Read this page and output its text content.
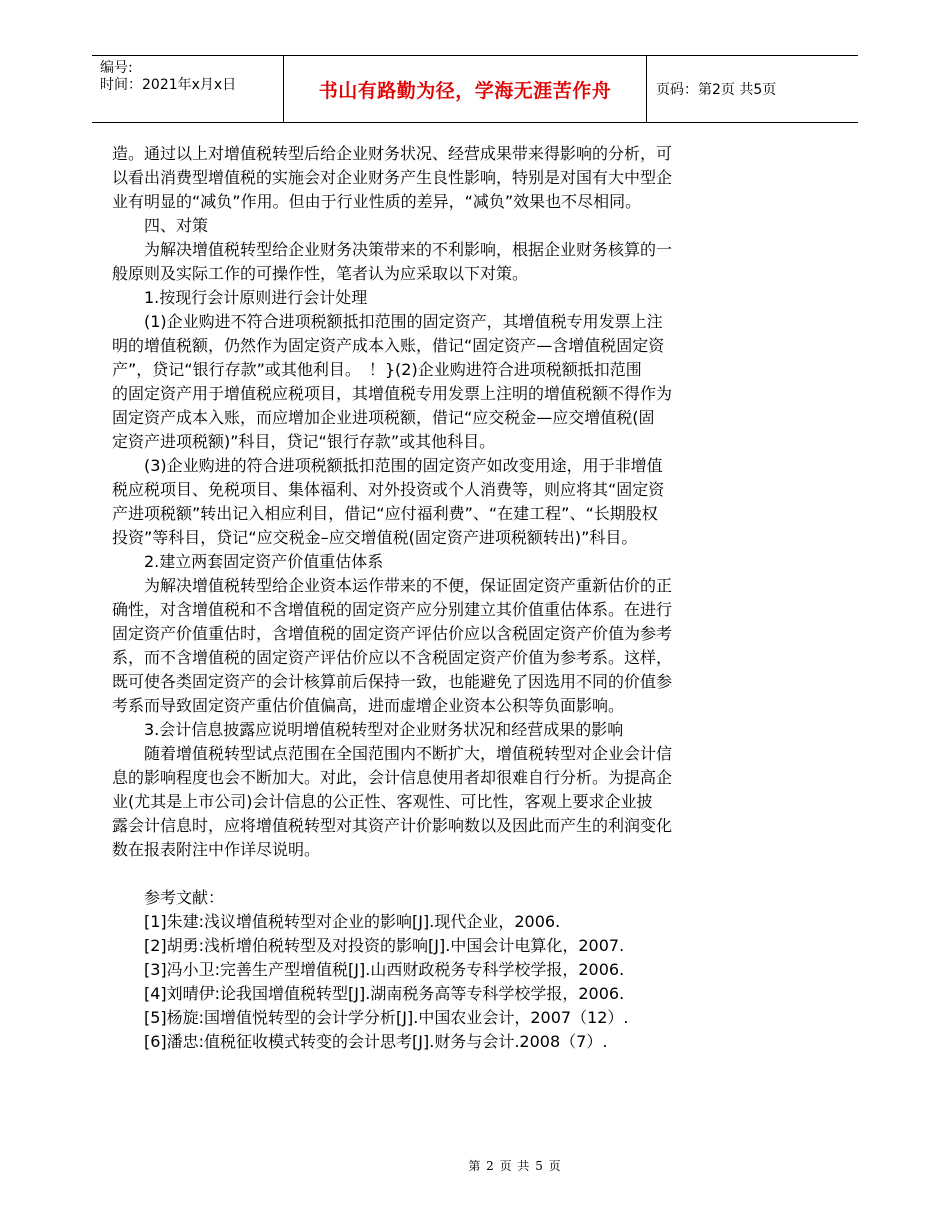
编号:
时间：2021年x月x日	书山有路勤为径，学海无涯苦作舟	页码：第2页 共5页

造。通过以上对增值税转型后给企业财务状况、经营成果带来得影响的分析，可

以看出消费型增值税的实施会对企业财务产生良性影响，特别是对国有大中型企

业有明显的“减负”作用。但由于行业性质的差异，“减负”效果也不尽相同。

　　四、对策

　　为解决增值税转型给企业财务决策带来的不利影响，根据企业财务核算的一

般原则及实际工作的可操作性，笔者认为应采取以下对策。

　　1.按现行会计原则进行会计处理

　　(1)企业购进不符合进项税额抵扣范围的固定资产，其增值税专用发票上注

明的增值税额，仍然作为固定资产成本入账，借记“固定资产—含增值税固定资

产”，贷记“银行存款”或其他利目。　！}(2)企业购进符合进项税额抵扣范围

的固定资产用于增值税应税项目，其增值税专用发票上注明的增值税额不得作为

固定资产成本入账，而应增加企业进项税额，借记“应交税金—应交增值税(固

定资产进项税额)”科目，贷记“银行存款”或其他科目。

　　(3)企业购进的符合进项税额抵扣范围的固定资产如改变用途，用于非增值

税应税项目、免税项目、集体福利、对外投资或个人消费等，则应将其“固定资

产进项税额”转出记入相应利目，借记“应付福利费”、“在建工程”、“长期股权

投资”等科目，贷记“应交税金–应交增值税(固定资产进项税额转出)”科目。

　　2.建立两套固定资产价值重估体系

　　为解决增值税转型给企业资本运作带来的不便，保证固定资产重新估价的正

确性，对含增值税和不含增值税的固定资产应分别建立其价值重估体系。在进行

固定资产价值重估时，含增值税的固定资产评估价应以含税固定资产价值为参考

系，而不含增值税的固定资产评估价应以不含税固定资产价值为参考系。这样，

既可使各类固定资产的会计核算前后保持一致，也能避免了因选用不同的价值参

考系而导致固定资产重估价值偏高，进而虚增企业资本公积等负面影响。

　　3.会计信息披露应说明增值税转型对企业财务状况和经营成果的影响

　　随着增值税转型试点范围在全国范围内不断扩大，增值税转型对企业会计信

息的影响程度也会不断加大。对此，会计信息使用者却很难自行分析。为提高企

业(尤其是上市公司)会计信息的公正性、客观性、可比性，客观上要求企业披

露会计信息时，应将增值税转型对其资产计价影响数以及因此而产生的利润变化

数在报表附注中作详尽说明。

　　参考文献：

　　[1]朱建:浅议增值税转型对企业的影响[J].现代企业，2006.

　　[2]胡勇:浅析增伯税转型及对投资的影响[J].中国会计电算化，2007.

　　[3]冯小卫:完善生产型增值税[J].山西财政税务专科学校学报，2006.

　　[4]刘晴伊:论我国增值税转型[J].湖南税务高等专科学校学报，2006.

　　[5]杨旋:国增值悦转型的会计学分析[J].中国农业会计，2007（12）.

　　[6]潘忠:值税征收模式转变的会计思考[J].财务与会计.2008（7）.

第 2 页 共 5 页
